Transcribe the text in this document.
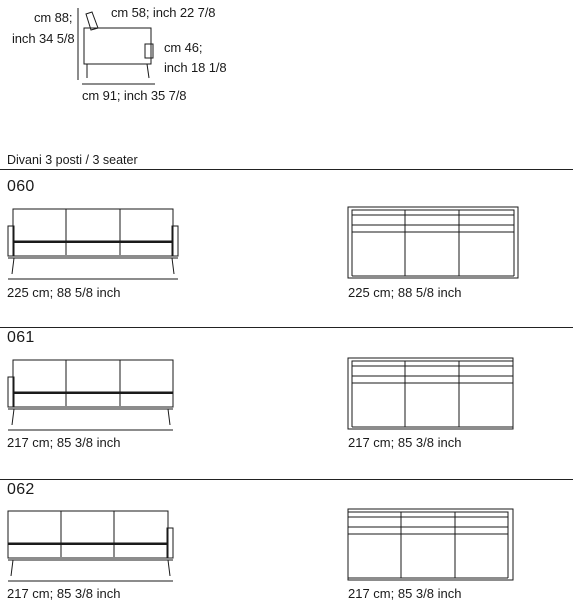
cm 88;
inch 34 5/8
cm 58; inch 22 7/8
cm 46;
inch 18 1/8
cm 91; inch 35 7/8
Divani 3 posti / 3 seater
060
225 cm; 88 5/8 inch	225 cm; 88 5/8 inch
061
217 cm; 85 3/8 inch	217 cm; 85 3/8 inch
062
217 cm; 85 3/8 inch	217 cm; 85 3/8 inch
